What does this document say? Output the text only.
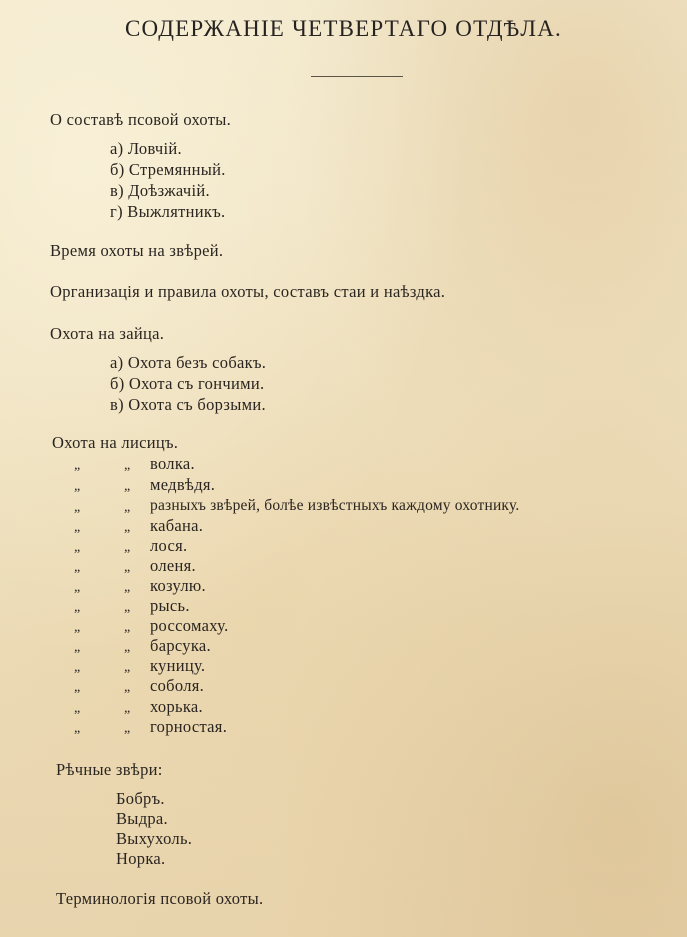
СОДЕРЖАНІЕ ЧЕТВЕРТАГО ОТДѢЛА.
О составѣ псовой охоты.
а) Ловчій.
б) Стремянный.
в) Доѣзжачій.
г) Выжлятникъ.
Время охоты на звѣрей.
Организація и правила охоты, составъ стаи и наѣздка.
Охота на зайца.
а) Охота безъ собакъ.
б) Охота съ гончими.
в) Охота съ борзыми.
Охота на лисицъ.
„	„ волка.
„	„ медвѣдя.
„	„ разныхъ звѣрей, болѣе извѣстныхъ каждому охотнику.
„	„ кабана.
„	„ лося.
„	„ оленя.
„	„ козулю.
„	„ рысь.
„	„ россомаху.
„	„ барсука.
„	„ куницу.
„	„ соболя.
„	„ хорька.
„	„ горностая.
Рѣчные звѣри:
Бобръ.
Выдра.
Выхухоль.
Норка.
Терминологія псовой охоты.
